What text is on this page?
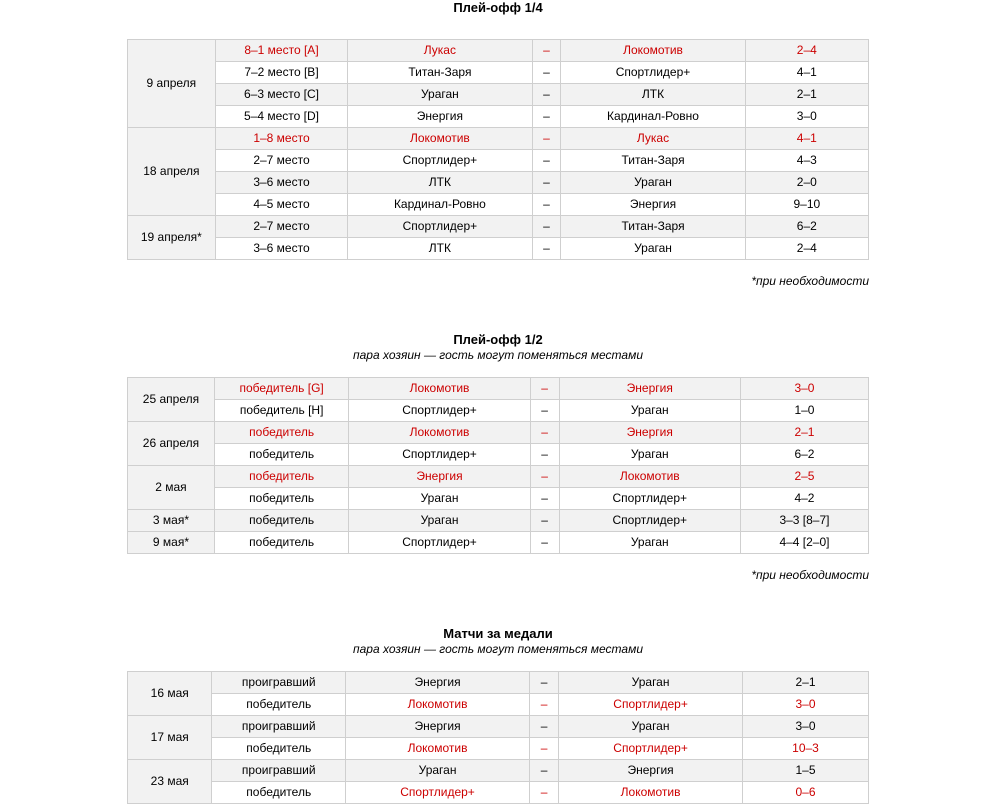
Плей-офф 1/4
9 апреля	8–1 место [A]	Лукас	–	Локомотив	2–4
	7–2 место [B]	Титан-Заря	–	Спортлидер+	4–1
	6–3 место [C]	Ураган	–	ЛТК	2–1
	5–4 место [D]	Энергия	–	Кардинал-Ровно	3–0
18 апреля	1–8 место	Локомотив	–	Лукас	4–1
	2–7 место	Спортлидер+	–	Титан-Заря	4–3
	3–6 место	ЛТК	–	Ураган	2–0
	4–5 место	Кардинал-Ровно	–	Энергия	9–10
19 апреля*	2–7 место	Спортлидер+	–	Титан-Заря	6–2
	3–6 место	ЛТК	–	Ураган	2–4
*при необходимости
Плей-офф 1/2
пара хозяин — гость могут поменяться местами
25 апреля	победитель [G]	Локомотив	–	Энергия	3–0
	победитель [H]	Спортлидер+	–	Ураган	1–0
26 апреля	победитель	Локомотив	–	Энергия	2–1
	победитель	Спортлидер+	–	Ураган	6–2
2 мая	победитель	Энергия	–	Локомотив	2–5
	победитель	Ураган	–	Спортлидер+	4–2
3 мая*	победитель	Ураган	–	Спортлидер+	3–3 [8–7]
9 мая*	победитель	Спортлидер+	–	Ураган	4–4 [2–0]
*при необходимости
Матчи за медали
пара хозяин — гость могут поменяться местами
16 мая	проигравший	Энергия	–	Ураган	2–1
	победитель	Локомотив	–	Спортлидер+	3–0
17 мая	проигравший	Энергия	–	Ураган	3–0
	победитель	Локомотив	–	Спортлидер+	10–3
23 мая	проигравший	Ураган	–	Энергия	1–5
	победитель	Спортлидер+	–	Локомотив	0–6
